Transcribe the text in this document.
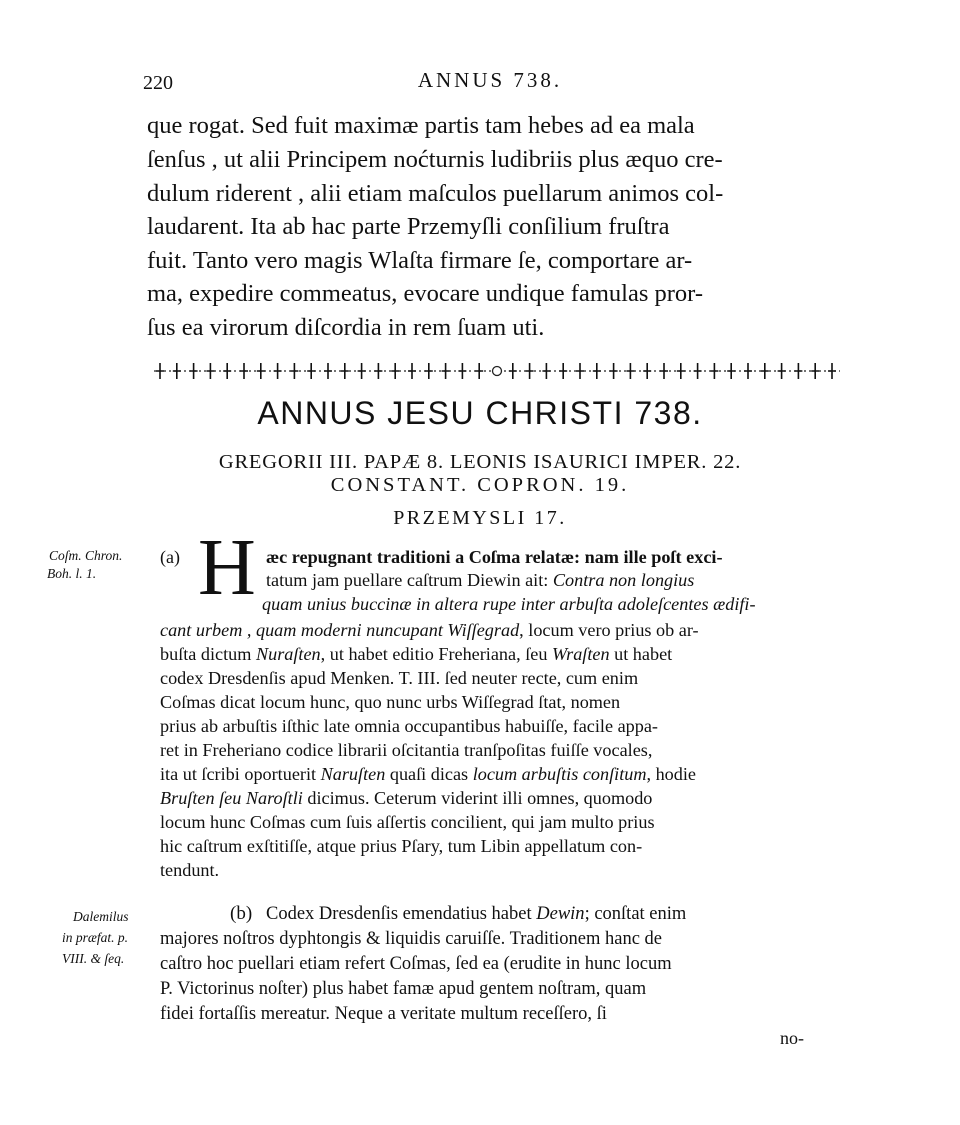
220	ANNUS 738.
que rogat. Sed fuit maximæ partis tam hebes ad ea mala
ſenſus , ut alii Principem noćturnis ludibriis plus æquo cre-
dulum riderent , alii etiam maſculos puellarum animos col-
laudarent. Ita ab hac parte Przemyſli conſilium fruſtra
fuit. Tanto vero magis Wlaſta firmare ſe, comportare ar-
ma, expedire commeatus, evocare undique famulas pror-
ſus ea virorum diſcordia in rem ſuam uti.
ANNUS JESU CHRISTI 738.
GREGORII III. PAPÆ 8. LEONIS ISAURICI IMPER. 22.
CONSTANT. COPRON. 19.
PRZEMYSLI 17.
Coſm. Chron.
Boh. l. 1.
(a) H æc repugnant traditioni a Coſma relatæ: nam ille poſt exci-
tatum jam puellare caſtrum Diewin ait: Contra non longius
quam unius buccinæ in altera rupe inter arbuſta adoleſcentes ædifi-
cant urbem , quam moderni nuncupant Wiſſegrad, locum vero prius ob ar-
buſta dictum Nuraſten, ut habet editio Freheriana, ſeu Wraſten ut habet
codex Dresdenſis apud Menken. T. III. ſed neuter recte, cum enim
Coſmas dicat locum hunc, quo nunc urbs Wiſſegrad ſtat, nomen
prius ab arbuſtis iſthic late omnia occupantibus habuiſſe, facile appa-
ret in Freheriano codice librarii oſcitantia tranſpoſitas fuiſſe vocales,
ita ut ſcribi oportuerit Naruſten quaſi dicas locum arbuſtis conſitum, hodie
Bruſten ſeu Naroſtli dicimus. Ceterum viderint illi omnes, quomodo
locum hunc Coſmas cum ſuis aſſertis concilient, qui jam multo prius
hic caſtrum exſtitiſſe, atque prius Pſary, tum Libin appellatum con-
tendunt.
Dalemilus
in præfat. p.
VIII. & ſeq.
(b) Codex Dresdenſis emendatius habet Dewin; conſtat enim
majores noſtros dyphtongis & liquidis caruiſſe. Traditionem hanc de
caſtro hoc puellari etiam refert Coſmas, ſed ea (erudite in hunc locum
P. Victorinus noſter) plus habet famæ apud gentem noſtram, quam
fidei fortaſſis mereatur. Neque a veritate multum receſſero, ſi
no-
